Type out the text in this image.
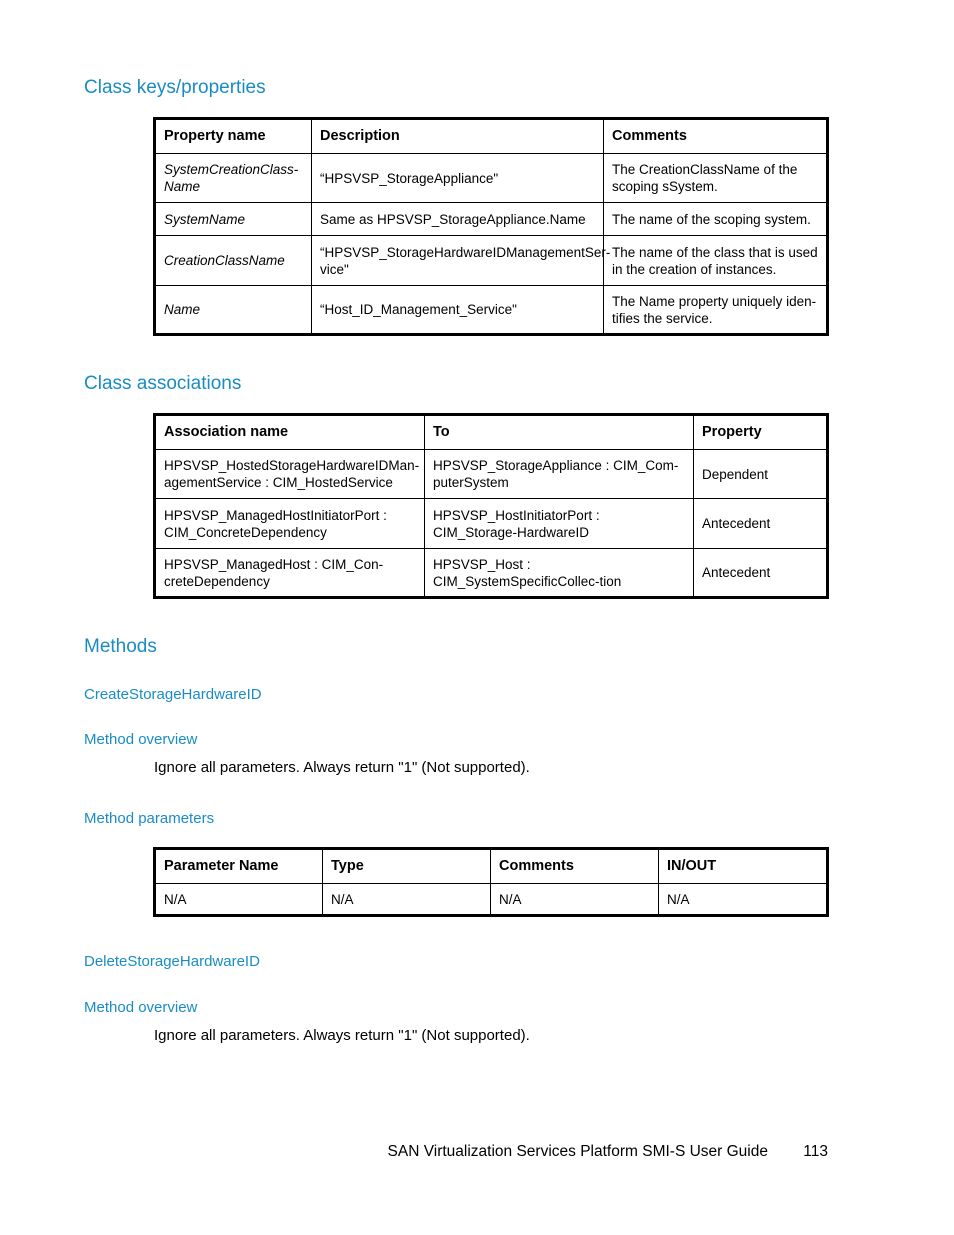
Class keys/properties
Property name	Description	Comments
SystemCreationClass-Name	“HPSVSP_StorageAppliance"	The CreationClassName of the scoping sSystem.
SystemName	Same as HPSVSP_StorageAppliance.Name	The name of the scoping system.
CreationClassName	“HPSVSP_StorageHardwareIDManagementSer-vice"	The name of the class that is used in the creation of instances.
Name	“Host_ID_Management_Service"	The Name property uniquely iden-tifies the service.
Class associations
Association name	To	Property
HPSVSP_HostedStorageHardwareIDMan-agementService : CIM_HostedService	HPSVSP_StorageAppliance : CIM_Com-puterSystem	Dependent
HPSVSP_ManagedHostInitiatorPort : CIM_ConcreteDependency	HPSVSP_HostInitiatorPort : CIM_Storage-HardwareID	Antecedent
HPSVSP_ManagedHost : CIM_Con-creteDependency	HPSVSP_Host : CIM_SystemSpecificCollec-tion	Antecedent
Methods
CreateStorageHardwareID
Method overview
Ignore all parameters. Always return "1" (Not supported).
Method parameters
Parameter Name	Type	Comments	IN/OUT
N/A	N/A	N/A	N/A
DeleteStorageHardwareID
Method overview
Ignore all parameters. Always return "1" (Not supported).
SAN Virtualization Services Platform SMI-S User Guide 113
